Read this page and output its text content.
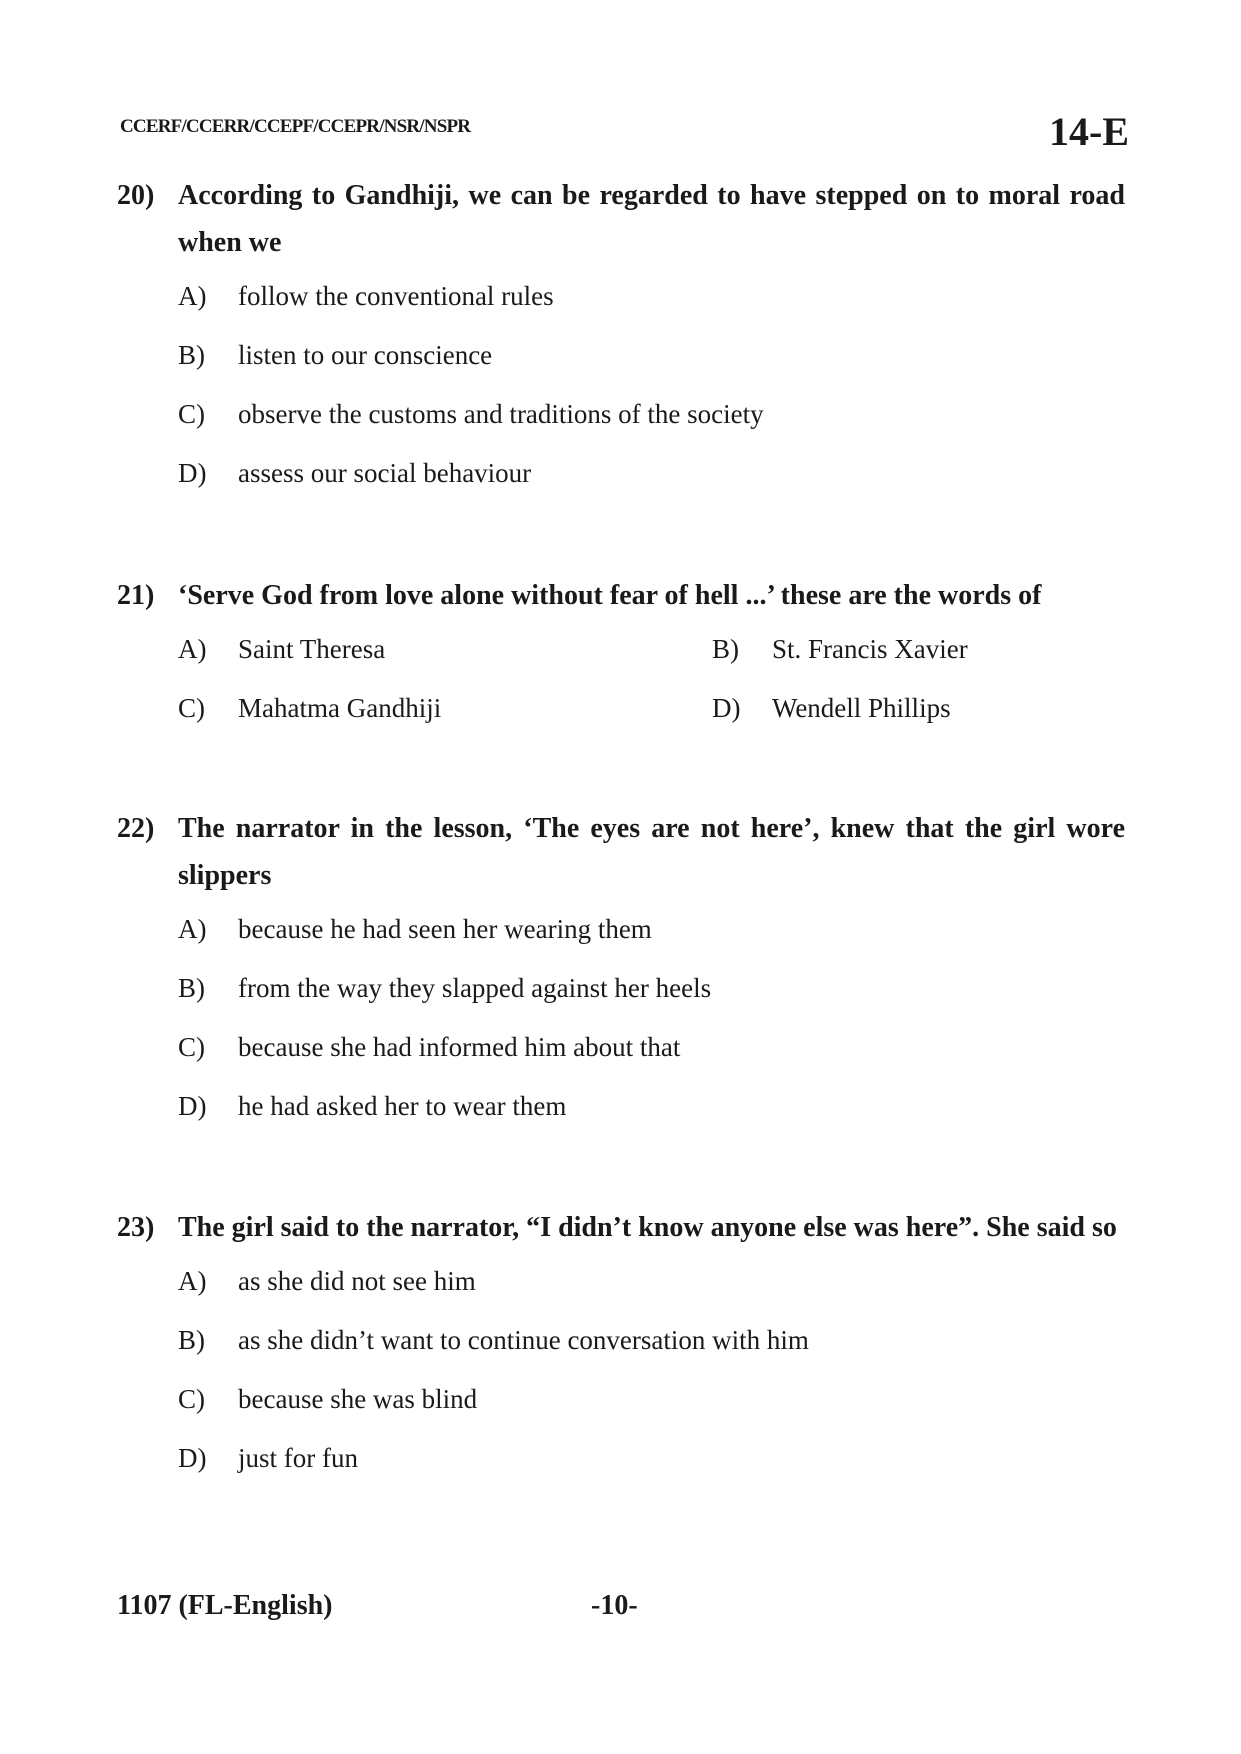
CCERF/CCERR/CCEPF/CCEPR/NSR/NSPR	14-E
20) According to Gandhiji, we can be regarded to have stepped on to moral road when we
A)	follow the conventional rules
B)	listen to our conscience
C)	observe the customs and traditions of the society
D)	assess our social behaviour
21) ‘Serve God from love alone without fear of hell ...’ these are the words of
A)	Saint Theresa	B)	St. Francis Xavier
C)	Mahatma Gandhiji	D)	Wendell Phillips
22) The narrator in the lesson, ‘The eyes are not here’, knew that the girl wore slippers
A)	because he had seen her wearing them
B)	from the way they slapped against her heels
C)	because she had informed him about that
D)	he had asked her to wear them
23) The girl said to the narrator, “I didn’t know anyone else was here”. She said so
A)	as she did not see him
B)	as she didn’t want to continue conversation with him
C)	because she was blind
D)	just for fun
1107 (FL-English)	-10-
